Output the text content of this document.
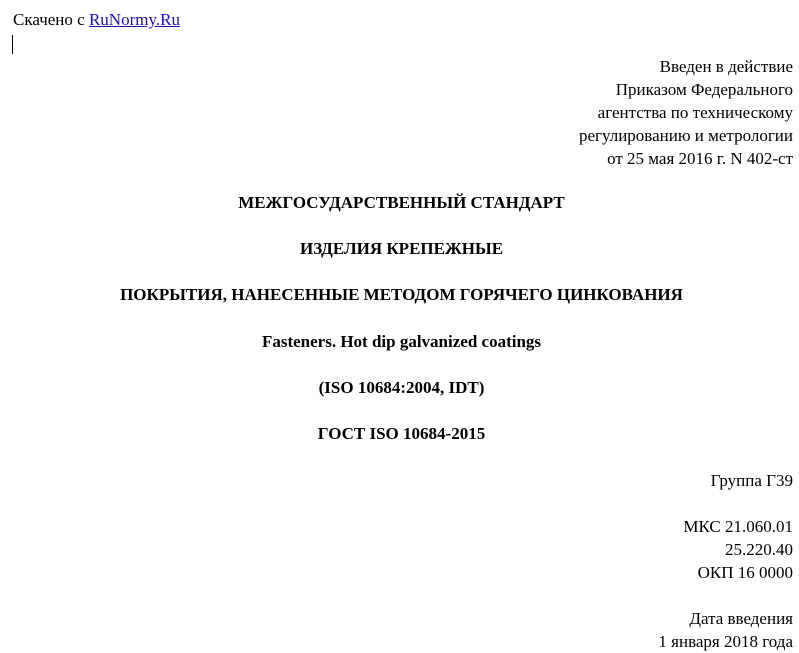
Скачено с RuNormy.Ru
Введен в действие
Приказом Федерального
агентства по техническому
регулированию и метрологии
от 25 мая 2016 г. N 402-ст
МЕЖГОСУДАРСТВЕННЫЙ СТАНДАРТ
ИЗДЕЛИЯ КРЕПЕЖНЫЕ
ПОКРЫТИЯ, НАНЕСЕННЫЕ МЕТОДОМ ГОРЯЧЕГО ЦИНКОВАНИЯ
Fasteners. Hot dip galvanized coatings
(ISO 10684:2004, IDT)
ГОСТ ISO 10684-2015
Группа Г39
МКС 21.060.01
25.220.40
ОКП 16 0000
Дата введения
1 января 2018 года
